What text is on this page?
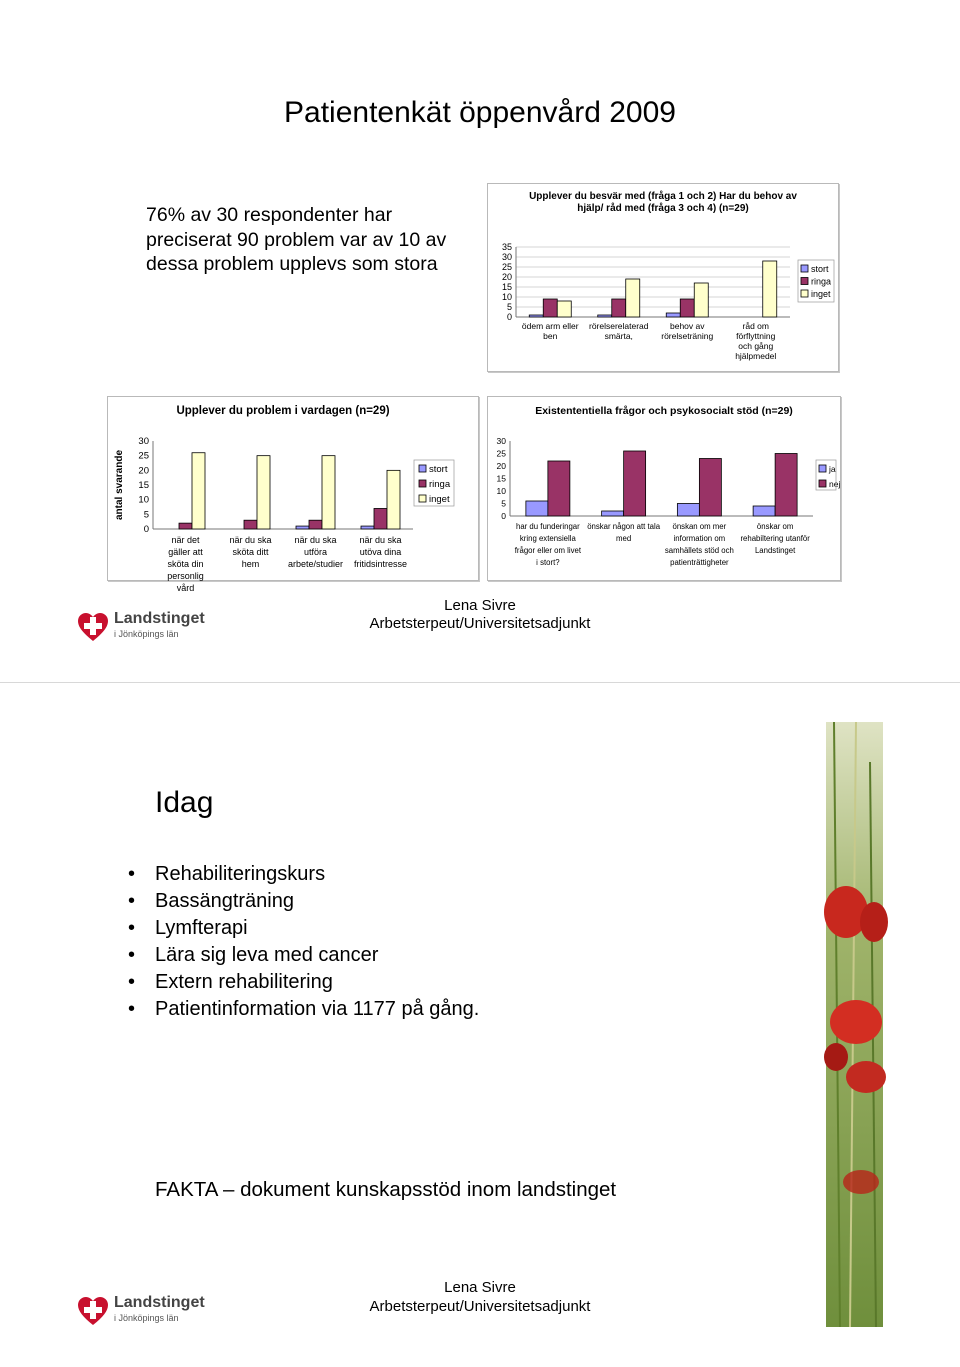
Patientenkät öppenvård 2009
76% av 30 respondenter har preciserat 90 problem var av 10 av dessa problem upplevs som stora
Upplever du besvär med (fråga 1 och 2) Har du behov av hjälp/ råd med (fråga 3 och 4) (n=29)
0
5
10
15
20
25
30
35
ödem arm eller
ben
rörelserelaterad
smärta,
behov av
rörelseträning
råd om
förflyttning
och gång
hjälpmedel
stort
ringa
inget
Upplever du problem i vardagen (n=29)
0
5
10
15
20
25
30
när det
gäller att
sköta din
personlig
vård
när du ska
sköta ditt
hem
när du ska
utföra
arbete/studier
när du ska
utöva dina
fritidsintresse
stort
ringa
inget
antal svarande
Existententiella frågor och psykosocialt stöd (n=29)
0
5
10
15
20
25
30
har du funderingar
kring extensiella
frågor eller om livet
i stort?
önskar någon att tala
med
önskan om mer
information om
samhällets stöd och
patienträttigheter
önskar om
rehabiltering utanför
Landstinget
ja
nej
Landstinget
i Jönköpings län
Lena Sivre
Arbetsterpeut/Universitetsadjunkt
Idag
• Rehabiliteringskurs
• Bassängträning
• Lymfterapi
• Lära sig leva med cancer
• Extern rehabilitering
• Patientinformation via 1177 på gång.
FAKTA – dokument kunskapsstöd inom landstinget
Landstinget
i Jönköpings län
Lena Sivre
Arbetsterpeut/Universitetsadjunkt
